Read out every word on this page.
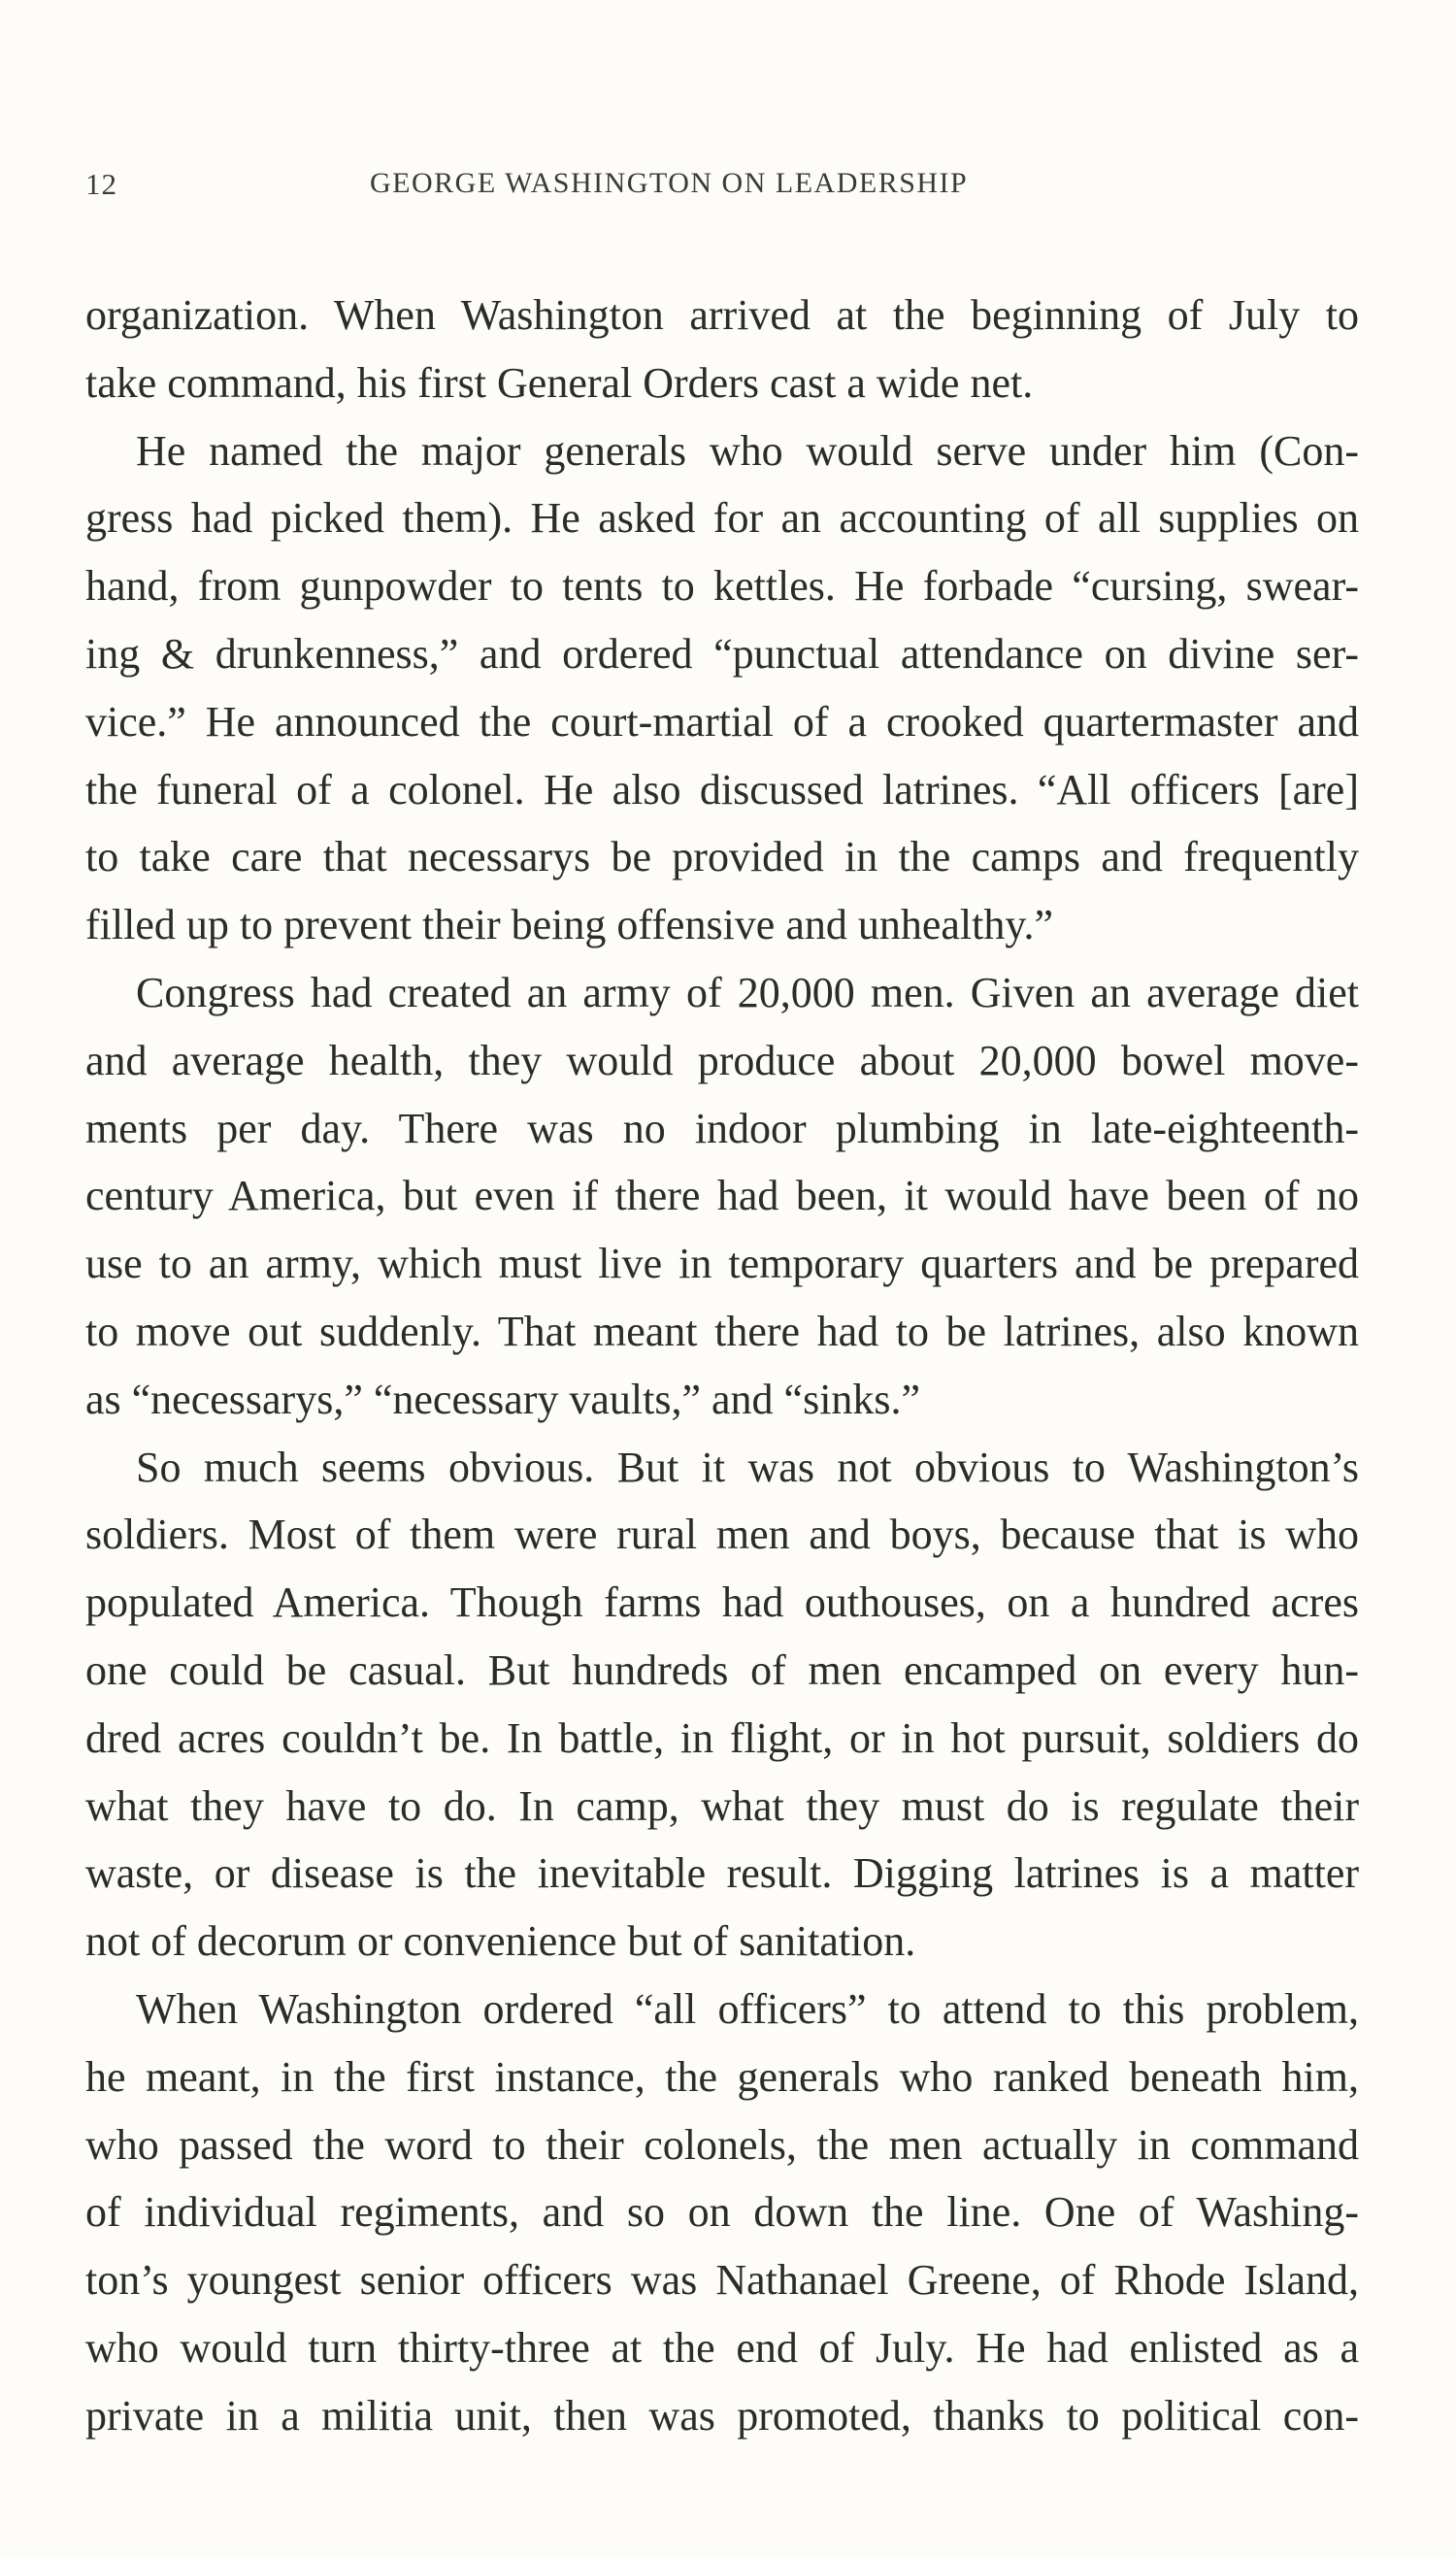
12	GEORGE WASHINGTON ON LEADERSHIP
organization. When Washington arrived at the beginning of July to
take command, his first General Orders cast a wide net.
He named the major generals who would serve under him (Con-
gress had picked them). He asked for an accounting of all supplies on
hand, from gunpowder to tents to kettles. He forbade “cursing, swear-
ing & drunkenness,” and ordered “punctual attendance on divine ser-
vice.” He announced the court-martial of a crooked quartermaster and
the funeral of a colonel. He also discussed latrines. “All officers [are]
to take care that necessarys be provided in the camps and frequently
filled up to prevent their being offensive and unhealthy.”
Congress had created an army of 20,000 men. Given an average diet
and average health, they would produce about 20,000 bowel move-
ments per day. There was no indoor plumbing in late-eighteenth-
century America, but even if there had been, it would have been of no
use to an army, which must live in temporary quarters and be prepared
to move out suddenly. That meant there had to be latrines, also known
as “necessarys,” “necessary vaults,” and “sinks.”
So much seems obvious. But it was not obvious to Washington’s
soldiers. Most of them were rural men and boys, because that is who
populated America. Though farms had outhouses, on a hundred acres
one could be casual. But hundreds of men encamped on every hun-
dred acres couldn’t be. In battle, in flight, or in hot pursuit, soldiers do
what they have to do. In camp, what they must do is regulate their
waste, or disease is the inevitable result. Digging latrines is a matter
not of decorum or convenience but of sanitation.
When Washington ordered “all officers” to attend to this problem,
he meant, in the first instance, the generals who ranked beneath him,
who passed the word to their colonels, the men actually in command
of individual regiments, and so on down the line. One of Washing-
ton’s youngest senior officers was Nathanael Greene, of Rhode Island,
who would turn thirty-three at the end of July. He had enlisted as a
private in a militia unit, then was promoted, thanks to political con-
